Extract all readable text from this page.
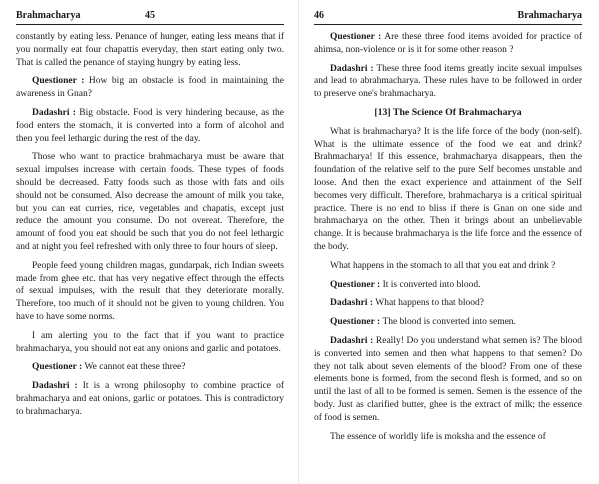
Brahmacharya	45

constantly by eating less. Penance of hunger, eating less means that if you normally eat four chapattis everyday, then start eating only two. That is called the penance of staying hungry by eating less.

Questioner : How big an obstacle is food in maintaining the awareness in Gnan?

Dadashri : Big obstacle. Food is very hindering because, as the food enters the stomach, it is converted into a form of alcohol and then you feel lethargic during the rest of the day.

Those who want to practice brahmacharya must be aware that sexual impulses increase with certain foods. These types of foods should be decreased. Fatty foods such as those with fats and oils should not be consumed. Also decrease the amount of milk you take, but you can eat curries, rice, vegetables and chapatis, except just reduce the amount you consume. Do not overeat. Therefore, the amount of food you eat should be such that you do not feel lethargic and at night you feel refreshed with only three to four hours of sleep.

People feed young children magas, gundarpak, rich Indian sweets made from ghee etc. that has very negative effect through the effects of sexual impulses, with the result that they deteriorate morally. Therefore, too much of it should not be given to young children. You have to have some norms.

I am alerting you to the fact that if you want to practice brahmacharya, you should not eat any onions and garlic and potatoes.

Questioner : We cannot eat these three?

Dadashri : It is a wrong philosophy to combine practice of brahmacharya and eat onions, garlic or potatoes. This is contradictory to brahmacharya.

46	Brahmacharya

Questioner : Are these three food items avoided for practice of ahimsa, non-violence or is it for some other reason ?

Dadashri : These three food items greatly incite sexual impulses and lead to abrahmacharya. These rules have to be followed in order to preserve one's brahmacharya.

[13] The Science Of Brahmacharya

What is brahmacharya? It is the life force of the body (non-self). What is the ultimate essence of the food we eat and drink? Brahmacharya! If this essence, brahmacharya disappears, then the foundation of the relative self to the pure Self becomes unstable and loose. And then the exact experience and attainment of the Self becomes very difficult. Therefore, brahmacharya is a critical spiritual practice. There is no end to bliss if there is Gnan on one side and brahmacharya on the other. Then it brings about an unbelievable change. It is because brahmacharya is the life force and the essence of the body.

What happens in the stomach to all that you eat and drink ?

Questioner : It is converted into blood.

Dadashri : What happens to that blood?

Questioner : The blood is converted into semen.

Dadashri : Really! Do you understand what semen is? The blood is converted into semen and then what happens to that semen? Do they not talk about seven elements of the blood? From one of these elements bone is formed, from the second flesh is formed, and so on until the last of all to be formed is semen. Semen is the essence of the body. Just as clarified butter, ghee is the extract of milk; the essence of food is semen.

The essence of worldly life is moksha and the essence of
